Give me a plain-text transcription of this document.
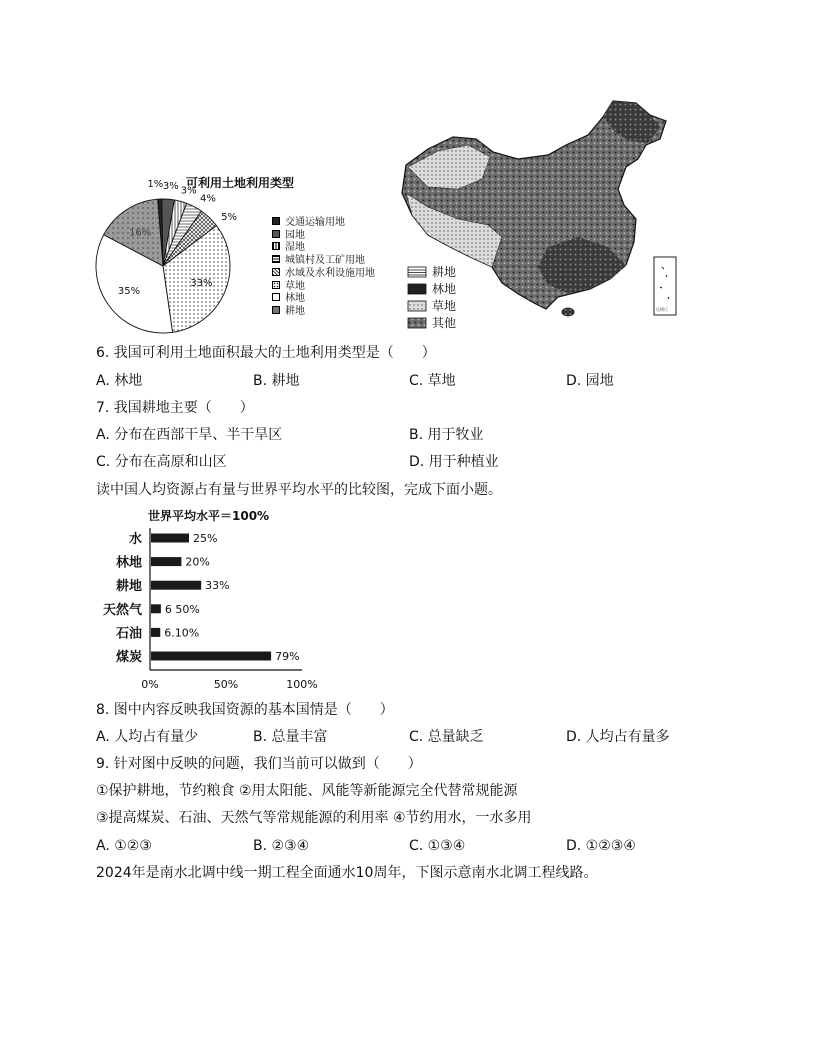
可利用土地利用类型
1% 3% 3%
4%
5%
33%
35%
16%
交通运输用地
园地
湿地
城镇村及工矿用地
水域及水利设施用地
草地
林地
耕地	比例尺
耕地
林地
草地
其他
6. 我国可利用土地面积最大的土地利用类型是（　　）
A. 林地	B. 耕地	C. 草地	D. 园地
7. 我国耕地主要（　　）
A. 分布在西部干旱、半干旱区	B. 用于牧业
C. 分布在高原和山区	D. 用于种植业
读中国人均资源占有量与世界平均水平的比较图，完成下面小题。
世界平均水平＝100%
水	25%
林地	20%
耕地	33%
天然气 6 50%
石油 6.10%
煤炭	79%
0%	50%	100%
8. 图中内容反映我国资源的基本国情是（　　）
A. 人均占有量少	B. 总量丰富	C. 总量缺乏	D. 人均占有量多
9. 针对图中反映的问题，我们当前可以做到（　　）
①保护耕地，节约粮食 ②用太阳能、风能等新能源完全代替常规能源
③提高煤炭、石油、天然气等常规能源的利用率 ④节约用水，一水多用
A. ①②③	B. ②③④	C. ①③④	D. ①②③④
2024年是南水北调中线一期工程全面通水10周年，下图示意南水北调工程线路。
